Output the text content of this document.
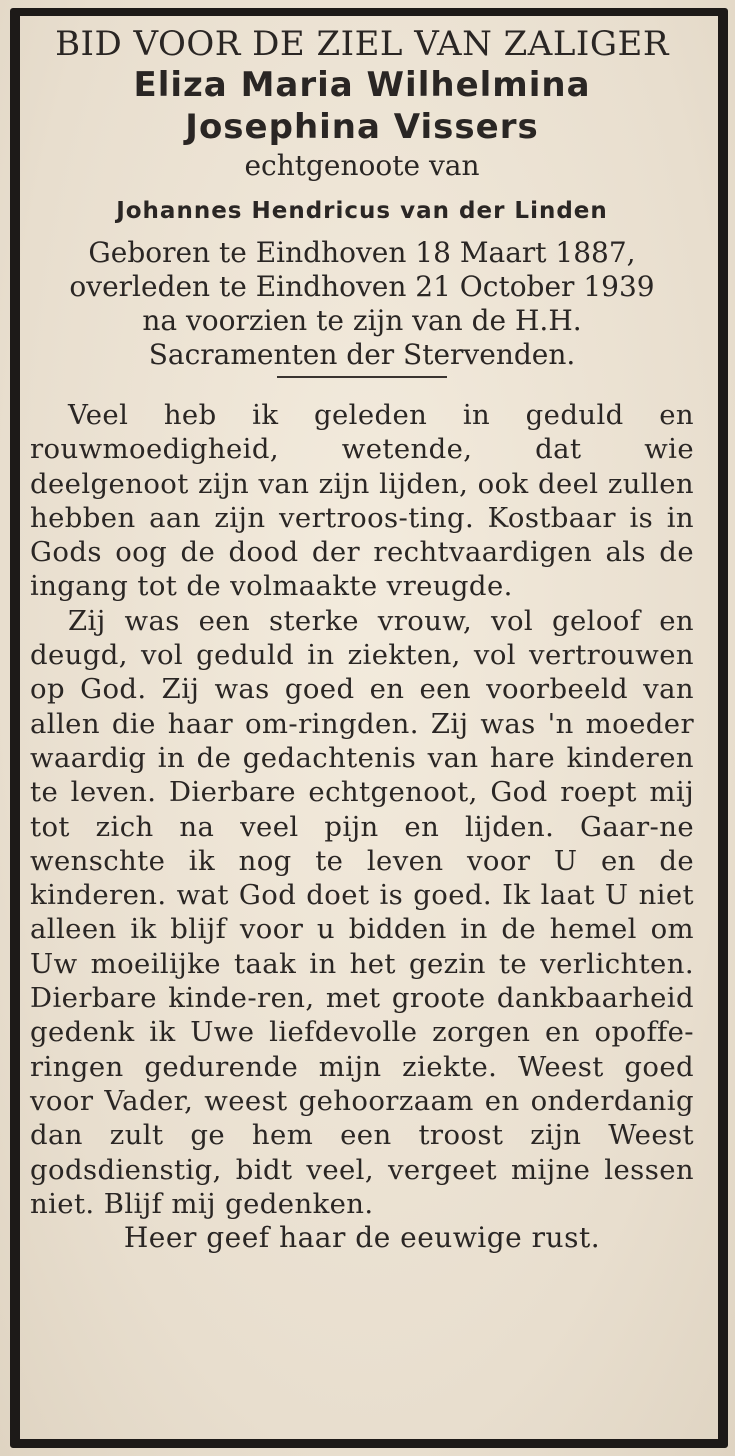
BID VOOR DE ZIEL VAN ZALIGER

Eliza Maria Wilhelmina

Josephina Vissers

echtgenoote van

Johannes Hendricus van der Linden

Geboren te Eindhoven 18 Maart 1887,

overleden te Eindhoven 21 October 1939

na voorzien te zijn van de H.H.

Sacramenten der Stervenden.

Veel heb ik geleden in geduld en rouwmoedigheid, wetende, dat wie deelgenoot zijn van zijn lijden, ook deel zullen hebben aan zijn vertroos-ting. Kostbaar is in Gods oog de dood der rechtvaardigen als de ingang tot de volmaakte vreugde.

Zij was een sterke vrouw, vol geloof en deugd, vol geduld in ziekten, vol vertrouwen op God. Zij was goed en een voorbeeld van allen die haar om-ringden. Zij was 'n moeder waardig in de gedachtenis van hare kinderen te leven. Dierbare echtgenoot, God roept mij tot zich na veel pijn en lijden. Gaar-ne wenschte ik nog te leven voor U en de kinderen. wat God doet is goed. Ik laat U niet alleen ik blijf voor u bidden in de hemel om Uw moeilijke taak in het gezin te verlichten. Dierbare kinde-ren, met groote dankbaarheid gedenk ik Uwe liefdevolle zorgen en opoffe-ringen gedurende mijn ziekte. Weest goed voor Vader, weest gehoorzaam en onderdanig dan zult ge hem een troost zijn Weest godsdienstig, bidt veel, vergeet mijne lessen niet. Blijf mij gedenken.

Heer geef haar de eeuwige rust.
